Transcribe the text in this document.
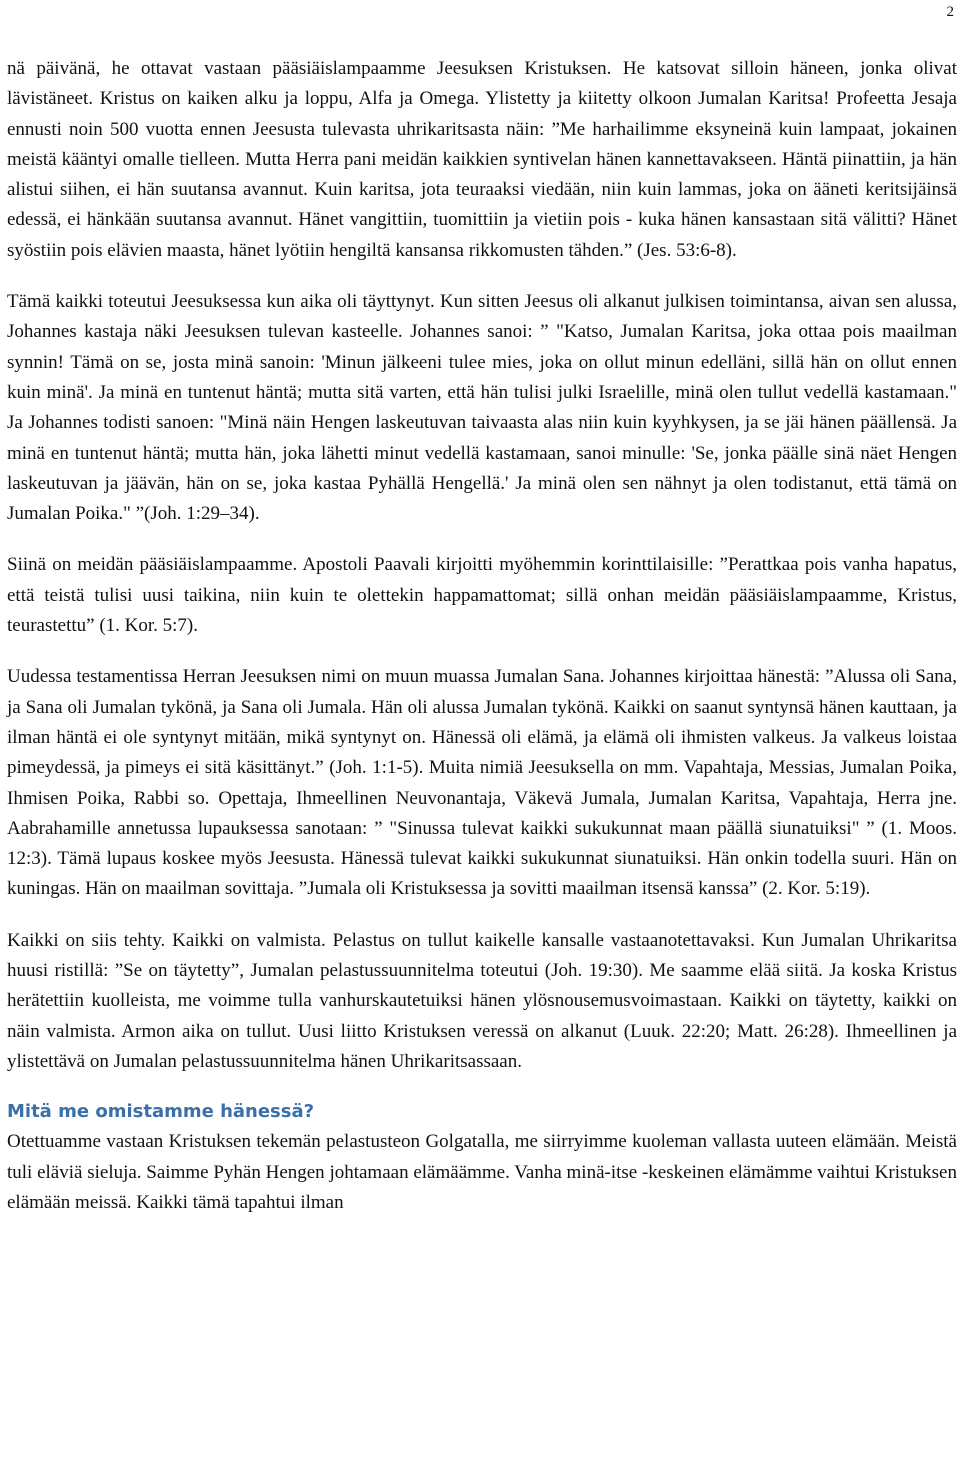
2

nä päivänä, he ottavat vastaan pääsiäislampaamme Jeesuksen Kristuksen. He katsovat silloin häneen, jonka olivat lävistäneet. Kristus on kaiken alku ja loppu, Alfa ja Omega. Ylistetty ja kiitetty olkoon Jumalan Karitsa! Profeetta Jesaja ennusti noin 500 vuotta ennen Jeesusta tulevasta uhrikaritsasta näin: ”Me harhailimme eksyneinä kuin lampaat, jokainen meistä kääntyi omalle tielleen. Mutta Herra pani meidän kaikkien syntivelan hänen kannettavakseen. Häntä piinattiin, ja hän alistui siihen, ei hän suutansa avannut. Kuin karitsa, jota teuraaksi viedään, niin kuin lammas, joka on ääneti keritsijäinsä edessä, ei hänkään suutansa avannut. Hänet vangittiin, tuomittiin ja vietiin pois - kuka hänen kansastaan sitä välitti? Hänet syöstiin pois elävien maasta, hänet lyötiin hengiltä kansansa rikkomusten tähden.” (Jes. 53:6-8).

Tämä kaikki toteutui Jeesuksessa kun aika oli täyttynyt. Kun sitten Jeesus oli alkanut julkisen toimintansa, aivan sen alussa, Johannes kastaja näki Jeesuksen tulevan kasteelle. Johannes sanoi: ” "Katso, Jumalan Karitsa, joka ottaa pois maailman synnin! Tämä on se, josta minä sanoin: 'Minun jälkeeni tulee mies, joka on ollut minun edelläni, sillä hän on ollut ennen kuin minä'. Ja minä en tuntenut häntä; mutta sitä varten, että hän tulisi julki Israelille, minä olen tullut vedellä kastamaan." Ja Johannes todisti sanoen: "Minä näin Hengen laskeutuvan taivaasta alas niin kuin kyyhkysen, ja se jäi hänen päällensä. Ja minä en tuntenut häntä; mutta hän, joka lähetti minut vedellä kastamaan, sanoi minulle: 'Se, jonka päälle sinä näet Hengen laskeutuvan ja jäävän, hän on se, joka kastaa Pyhällä Hengellä.' Ja minä olen sen nähnyt ja olen todistanut, että tämä on Jumalan Poika." ”(Joh. 1:29–34).

Siinä on meidän pääsiäislampaamme. Apostoli Paavali kirjoitti myöhemmin korinttilaisille: ”Perattkaa pois vanha hapatus, että teistä tulisi uusi taikina, niin kuin te olettekin happamattomat; sillä onhan meidän pääsiäislampaamme, Kristus, teurastettu” (1. Kor. 5:7).

Uudessa testamentissa Herran Jeesuksen nimi on muun muassa Jumalan Sana. Johannes kirjoittaa hänestä: ”Alussa oli Sana, ja Sana oli Jumalan tykönä, ja Sana oli Jumala. Hän oli alussa Jumalan tykönä. Kaikki on saanut syntynsä hänen kauttaan, ja ilman häntä ei ole syntynyt mitään, mikä syntynyt on. Hänessä oli elämä, ja elämä oli ihmisten valkeus. Ja valkeus loistaa pimeydessä, ja pimeys ei sitä käsittänyt.” (Joh. 1:1-5). Muita nimiä Jeesuksella on mm. Vapahtaja, Messias, Jumalan Poika, Ihmisen Poika, Rabbi so. Opettaja, Ihmeellinen Neuvonantaja, Väkevä Jumala, Jumalan Karitsa, Vapahtaja, Herra jne. Aabrahamille annetussa lupauksessa sanotaan: ” "Sinussa tulevat kaikki sukukunnat maan päällä siunatuiksi" ” (1. Moos. 12:3). Tämä lupaus koskee myös Jeesusta. Hänessä tulevat kaikki sukukunnat siunatuiksi. Hän onkin todella suuri. Hän on kuningas. Hän on maailman sovittaja. ”Jumala oli Kristuksessa ja sovitti maailman itsensä kanssa” (2. Kor. 5:19).

Kaikki on siis tehty. Kaikki on valmista. Pelastus on tullut kaikelle kansalle vastaanotettavaksi. Kun Jumalan Uhrikaritsa huusi ristillä: ”Se on täytetty”, Jumalan pelastussuunnitelma toteutui (Joh. 19:30). Me saamme elää siitä. Ja koska Kristus herätettiin kuolleista, me voimme tulla vanhurskautetuiksi hänen ylösnousemusvoimastaan. Kaikki on täytetty, kaikki on näin valmista. Armon aika on tullut. Uusi liitto Kristuksen veressä on alkanut (Luuk. 22:20; Matt. 26:28). Ihmeellinen ja ylistettävä on Jumalan pelastussuunnitelma hänen Uhrikaritsassaan.

Mitä me omistamme hänessä?

Otettuamme vastaan Kristuksen tekemän pelastusteon Golgatalla, me siirryimme kuoleman vallasta uuteen elämään. Meistä tuli eläviä sieluja. Saimme Pyhän Hengen johtamaan elämäämme. Vanha minä-itse -keskeinen elämämme vaihtui Kristuksen elämään meissä. Kaikki tämä tapahtui ilman
